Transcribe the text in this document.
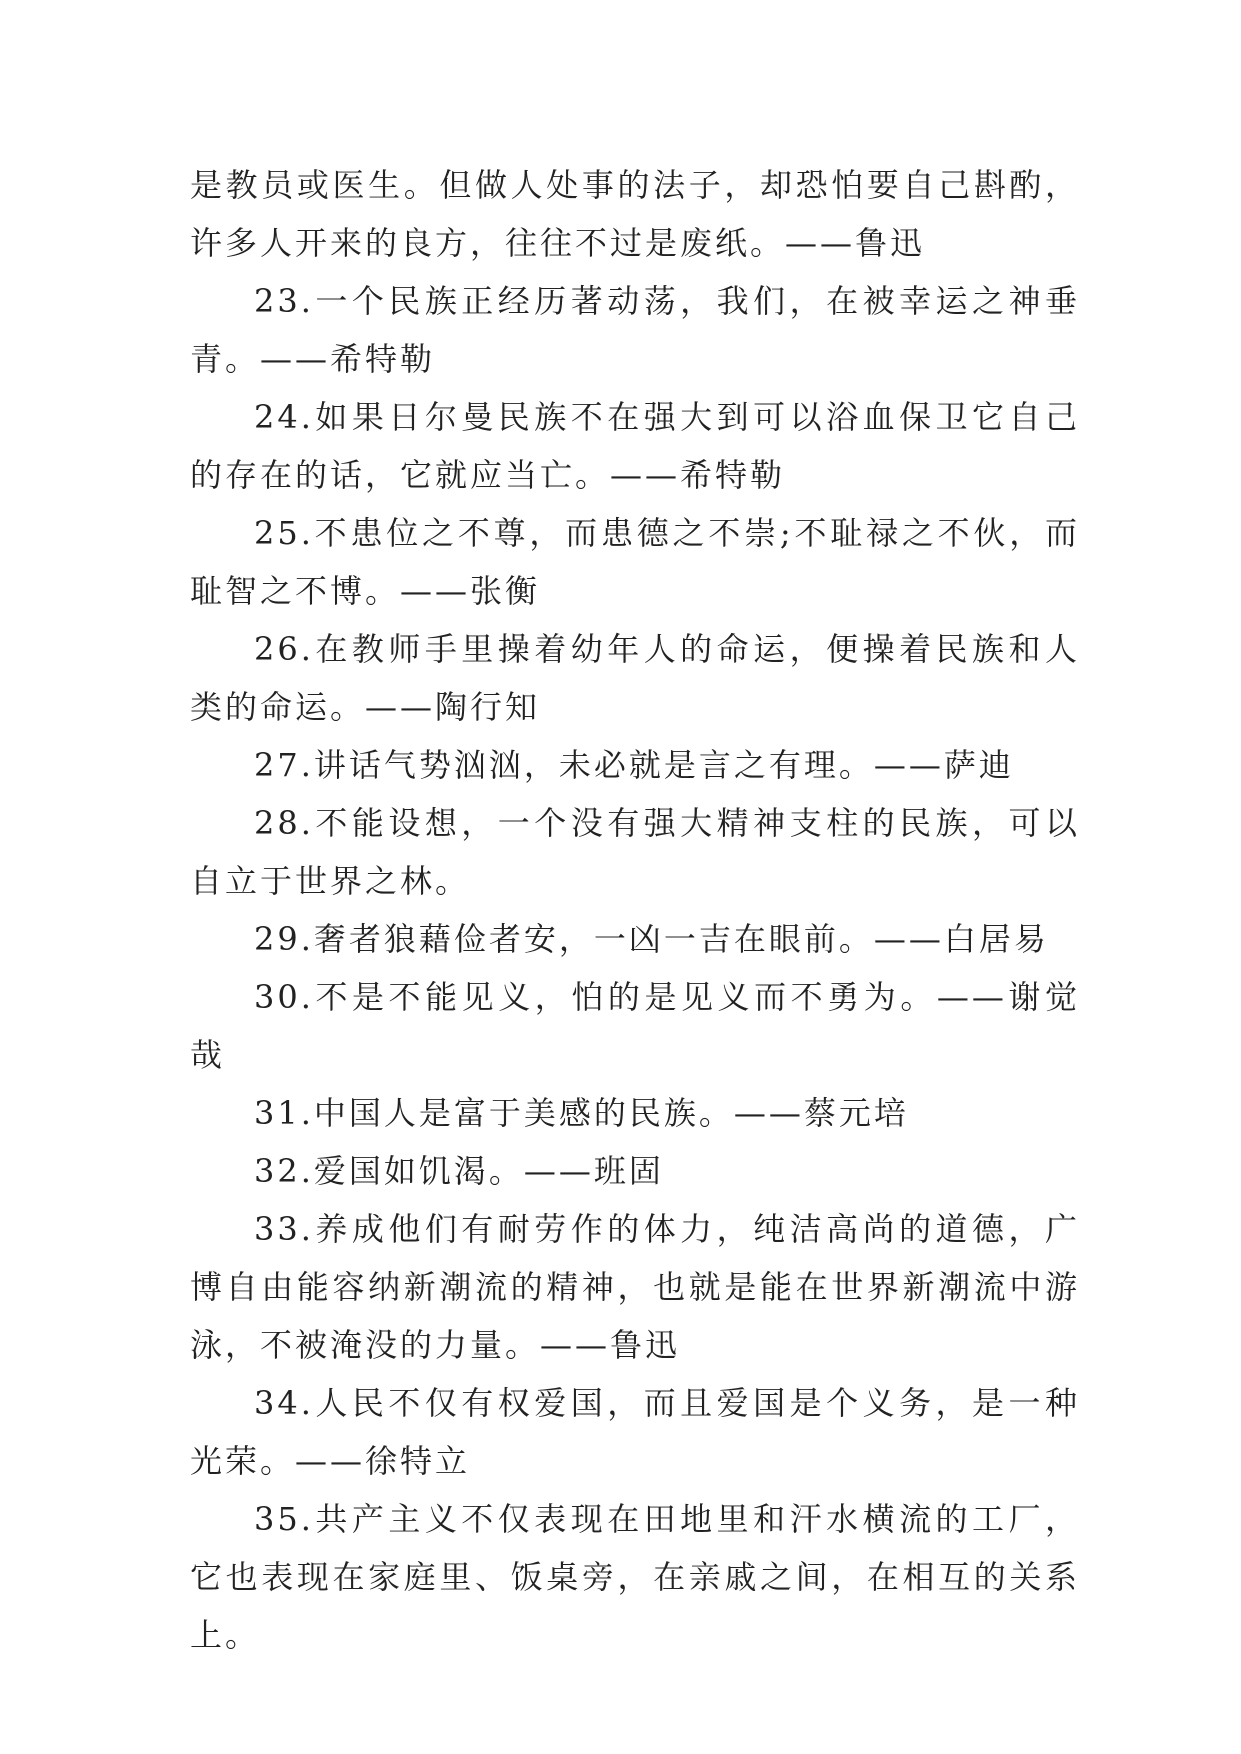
是教员或医生。但做人处事的法子，却恐怕要自己斟酌，许多人开来的良方，往往不过是废纸。——鲁迅

23.一个民族正经历著动荡，我们，在被幸运之神垂青。——希特勒

24.如果日尔曼民族不在强大到可以浴血保卫它自己的存在的话，它就应当亡。——希特勒

25.不患位之不尊，而患德之不崇;不耻禄之不伙，而耻智之不博。——张衡

26.在教师手里操着幼年人的命运，便操着民族和人类的命运。——陶行知

27.讲话气势汹汹，未必就是言之有理。——萨迪

28.不能设想，一个没有强大精神支柱的民族，可以自立于世界之林。

29.奢者狼藉俭者安，一凶一吉在眼前。——白居易

30.不是不能见义，怕的是见义而不勇为。——谢觉哉

31.中国人是富于美感的民族。——蔡元培

32.爱国如饥渴。——班固

33.养成他们有耐劳作的体力，纯洁高尚的道德，广博自由能容纳新潮流的精神，也就是能在世界新潮流中游泳，不被淹没的力量。——鲁迅

34.人民不仅有权爱国，而且爱国是个义务，是一种光荣。——徐特立

35.共产主义不仅表现在田地里和汗水横流的工厂，它也表现在家庭里、饭桌旁，在亲戚之间，在相互的关系上。
